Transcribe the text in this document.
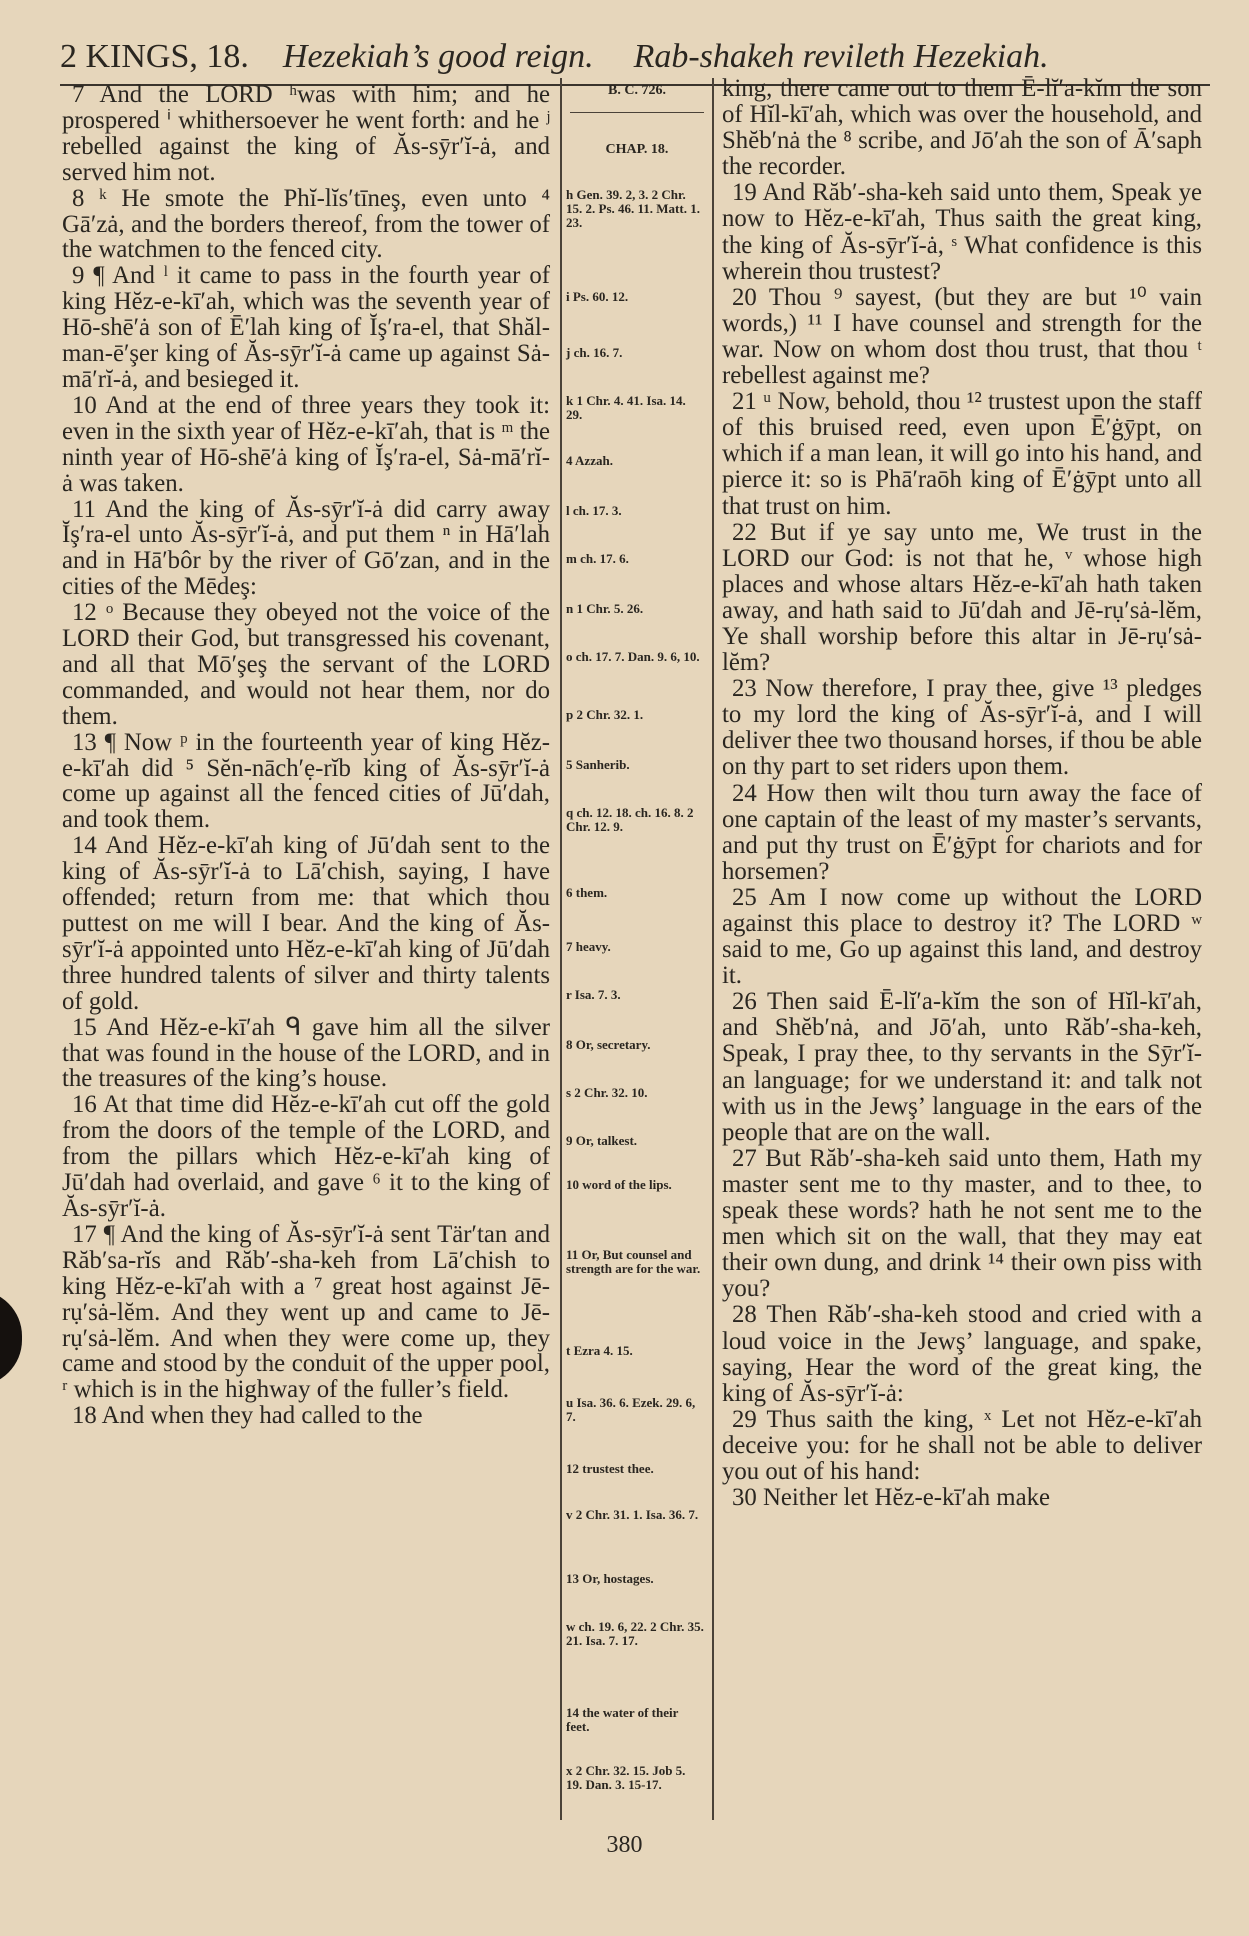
2 KINGS, 18. Hezekiah’s good reign. Rab-shakeh revileth Hezekiah.

7 And the LORD ʰwas with him; and he prospered ⁱ whithersoever he went forth: and he ʲ rebelled against the king of Ăs-sȳr′ĭ-ȧ, and served him not.

8 ᵏ He smote the Phĭ-lĭs′tīneş, even unto ⁴ Gā′zȧ, and the borders thereof, from the tower of the watchmen to the fenced city.

9 ¶ And ˡ it came to pass in the fourth year of king Hĕz-e-kī′ah, which was the seventh year of Hō-shē′ȧ son of Ē′lah king of Ĭş′ra-el, that Shăl-man-ē′şer king of Ăs-sȳr′ĭ-ȧ came up against Sȧ-mā′rĭ-ȧ, and besieged it.

10 And at the end of three years they took it: even in the sixth year of Hĕz-e-kī′ah, that is ᵐ the ninth year of Hō-shē′ȧ king of Ĭş′ra-el, Sȧ-mā′rĭ-ȧ was taken.

11 And the king of Ăs-sȳr′ĭ-ȧ did carry away Ĭş′ra-el unto Ăs-sȳr′ĭ-ȧ, and put them ⁿ in Hā′lah and in Hā′bôr by the river of Gō′zan, and in the cities of the Mēdeş:

12 ᵒ Because they obeyed not the voice of the LORD their God, but transgressed his covenant, and all that Mō′şeş the servant of the LORD commanded, and would not hear them, nor do them.

13 ¶ Now ᵖ in the fourteenth year of king Hĕz-e-kī′ah did ⁵ Sĕn-nāch′ẹ-rĭb king of Ăs-sȳr′ĭ-ȧ come up against all the fenced cities of Jū′dah, and took them.

14 And Hĕz-e-kī′ah king of Jū′dah sent to the king of Ăs-sȳr′ĭ-ȧ to Lā′chish, saying, I have offended; return from me: that which thou puttest on me will I bear. And the king of Ăs-sȳr′ĭ-ȧ appointed unto Hĕz-e-kī′ah king of Jū′dah three hundred talents of silver and thirty talents of gold.

15 And Hĕz-e-kī′ah ᑫ gave him all the silver that was found in the house of the LORD, and in the treasures of the king’s house.

16 At that time did Hĕz-e-kī′ah cut off the gold from the doors of the temple of the LORD, and from the pillars which Hĕz-e-kī′ah king of Jū′dah had overlaid, and gave ⁶ it to the king of Ăs-sȳr′ĭ-ȧ.

17 ¶ And the king of Ăs-sȳr′ĭ-ȧ sent Tär′tan and Răb′sa-rĭs and Răb′-sha-keh from Lā′chish to king Hĕz-e-kī′ah with a ⁷ great host against Jē-rụ′sȧ-lĕm. And they went up and came to Jē-rụ′sȧ-lĕm. And when they were come up, they came and stood by the conduit of the upper pool, ʳ which is in the highway of the fuller’s field.

18 And when they had called to the

B. C. 726.
CHAP. 18.
h Gen. 39. 2, 3. 2 Chr. 15. 2. Ps. 46. 11. Matt. 1. 23.
i Ps. 60. 12.
j ch. 16. 7.
k 1 Chr. 4. 41. Isa. 14. 29.
4 Azzah.
l ch. 17. 3.
m ch. 17. 6.
n 1 Chr. 5. 26.
o ch. 17. 7. Dan. 9. 6, 10.
p 2 Chr. 32. 1.
5 Sanherib.
q ch. 12. 18. ch. 16. 8. 2 Chr. 12. 9.
6 them.
7 heavy.
r Isa. 7. 3.
8 Or, secretary.
s 2 Chr. 32. 10.
9 Or, talkest.
10 word of the lips.
11 Or, But counsel and strength are for the war.
t Ezra 4. 15.
u Isa. 36. 6. Ezek. 29. 6, 7.
12 trustest thee.
v 2 Chr. 31. 1. Isa. 36. 7.
13 Or, hostages.
w ch. 19. 6, 22. 2 Chr. 35. 21. Isa. 7. 17.
14 the water of their feet.
x 2 Chr. 32. 15. Job 5. 19. Dan. 3. 15-17.

king, there came out to them Ē-lĭ′a-kĭm the son of Hĭl-kī′ah, which was over the household, and Shĕb′nȧ the ⁸ scribe, and Jō′ah the son of Ā′saph the recorder.

19 And Răb′-sha-keh said unto them, Speak ye now to Hĕz-e-kī′ah, Thus saith the great king, the king of Ăs-sȳr′ĭ-ȧ, ˢ What confidence is this wherein thou trustest?

20 Thou ⁹ sayest, (but they are but ¹⁰ vain words,) ¹¹ I have counsel and strength for the war. Now on whom dost thou trust, that thou ᵗ rebellest against me?

21 ᵘ Now, behold, thou ¹² trustest upon the staff of this bruised reed, even upon Ē′ġȳpt, on which if a man lean, it will go into his hand, and pierce it: so is Phā′raōh king of Ē′ġȳpt unto all that trust on him.

22 But if ye say unto me, We trust in the LORD our God: is not that he, ᵛ whose high places and whose altars Hĕz-e-kī′ah hath taken away, and hath said to Jū′dah and Jē-rụ′sȧ-lĕm, Ye shall worship before this altar in Jē-rụ′sȧ-lĕm?

23 Now therefore, I pray thee, give ¹³ pledges to my lord the king of Ăs-sȳr′ĭ-ȧ, and I will deliver thee two thousand horses, if thou be able on thy part to set riders upon them.

24 How then wilt thou turn away the face of one captain of the least of my master’s servants, and put thy trust on Ē′ġȳpt for chariots and for horsemen?

25 Am I now come up without the LORD against this place to destroy it? The LORD ʷ said to me, Go up against this land, and destroy it.

26 Then said Ē-lĭ′a-kĭm the son of Hĭl-kī′ah, and Shĕb′nȧ, and Jō′ah, unto Răb′-sha-keh, Speak, I pray thee, to thy servants in the Sȳr′ĭ-an language; for we understand it: and talk not with us in the Jewş’ language in the ears of the people that are on the wall.

27 But Răb′-sha-keh said unto them, Hath my master sent me to thy master, and to thee, to speak these words? hath he not sent me to the men which sit on the wall, that they may eat their own dung, and drink ¹⁴ their own piss with you?

28 Then Răb′-sha-keh stood and cried with a loud voice in the Jewş’ language, and spake, saying, Hear the word of the great king, the king of Ăs-sȳr′ĭ-ȧ:

29 Thus saith the king, ˣ Let not Hĕz-e-kī′ah deceive you: for he shall not be able to deliver you out of his hand:

30 Neither let Hĕz-e-kī′ah make

380
